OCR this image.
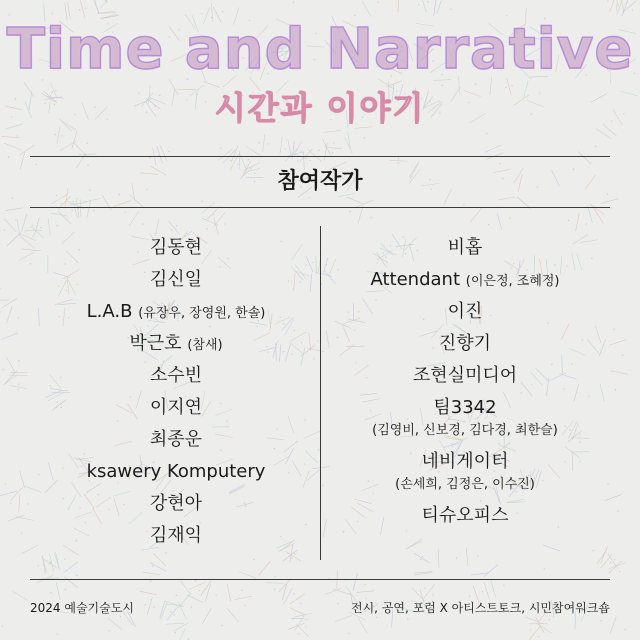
Time and Narrative
시간과 이야기
참여작가
김동현
김신일
L.A.B (유장우, 장영원, 한솔)
박근호 (참새)
소수빈
이지연
최종운
ksawery Komputery
강현아
김재익
비홉
Attendant (이은정, 조혜정)
이진
진향기
조현실미디어
팀3342
(김영비, 신보경, 김다경, 최한슬)
네비게이터
(손세희, 김정은, 이수진)
티슈오피스
2024 예술기술도시	전시, 공연, 포럼 X 아티스트토크, 시민참여워크숍
